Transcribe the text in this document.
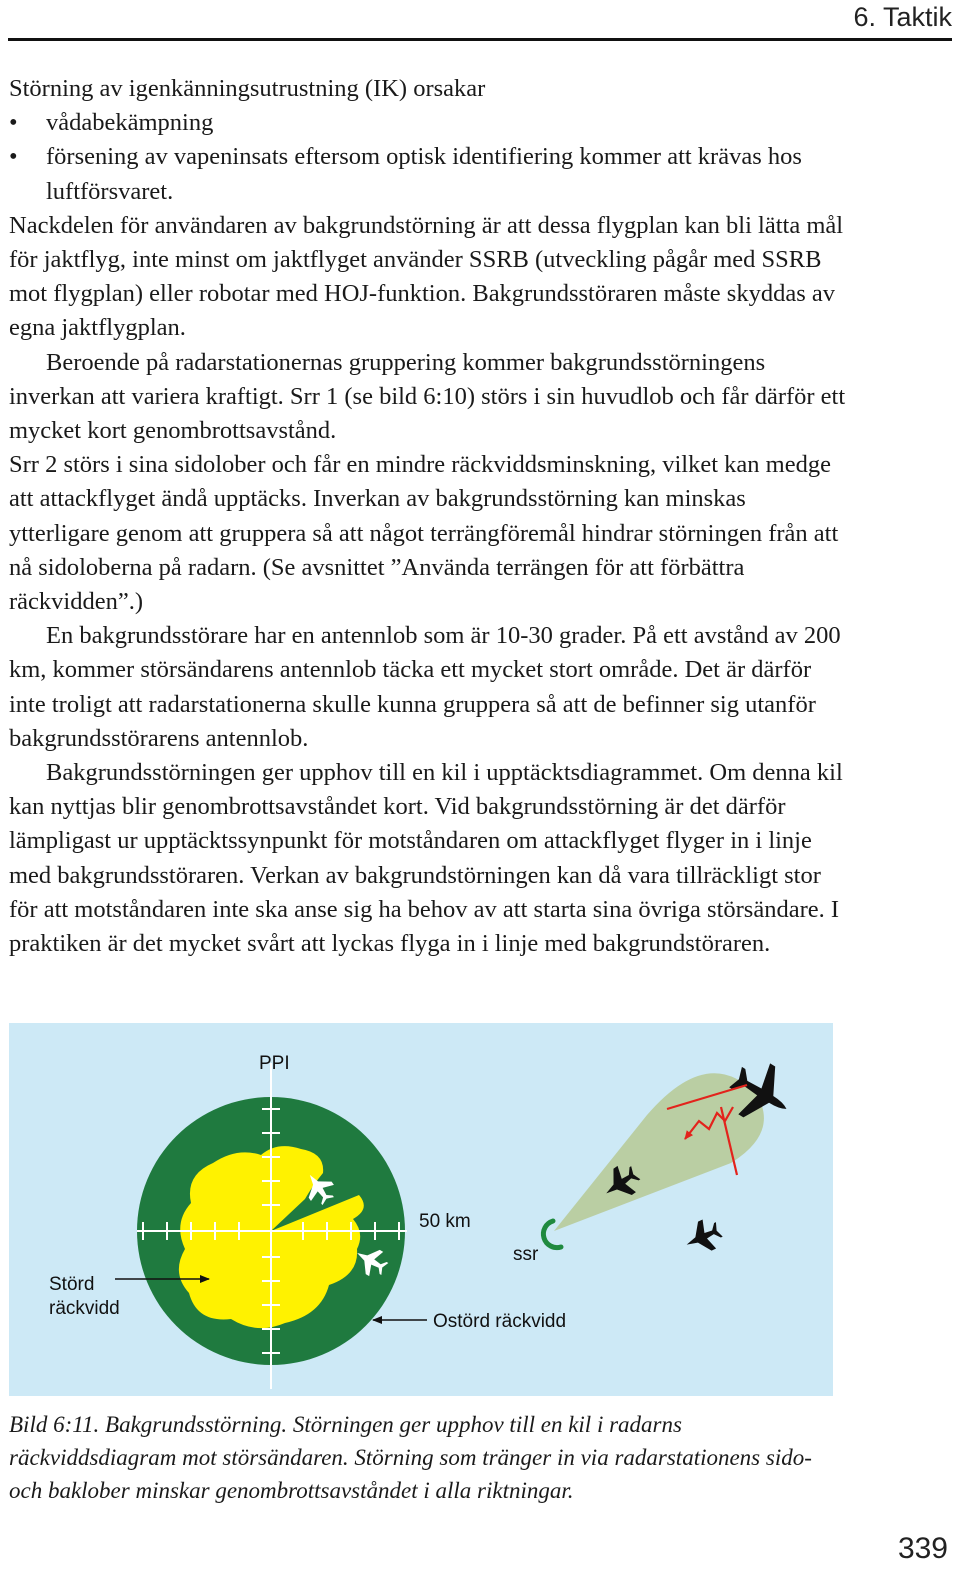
6. Taktik

Störning av igenkänningsutrustning (IK) orsakar

• vådabekämpning

• försening av vapeninsats eftersom optisk identifiering kommer att krävas hos luftförsvaret.

Nackdelen för användaren av bakgrundstörning är att dessa flygplan kan bli lätta mål för jaktflyg, inte minst om jaktflyget använder SSRB (utveckling pågår med SSRB mot flygplan) eller robotar med HOJ-funktion. Bakgrundsstöraren måste skyddas av egna jaktflygplan.

Beroende på radarstationernas gruppering kommer bakgrundsstörningens inverkan att variera kraftigt. Srr 1 (se bild 6:10) störs i sin huvudlob och får därför ett mycket kort genombrottsavstånd.

Srr 2 störs i sina sidolober och får en mindre räckviddsminskning, vilket kan medge att attackflyget ändå upptäcks. Inverkan av bakgrundsstörning kan minskas ytterligare genom att gruppera så att något terrängföremål hindrar störningen från att nå sidoloberna på radarn. (Se avsnittet ”Använda terrängen för att förbättra räckvidden”.)

En bakgrundsstörare har en antennlob som är 10-30 grader. På ett avstånd av 200 km, kommer störsändarens antennlob täcka ett mycket stort område. Det är därför inte troligt att radarstationerna skulle kunna gruppera så att de befinner sig utanför bakgrundsstörarens antennlob.

Bakgrundsstörningen ger upphov till en kil i upptäcktsdiagrammet. Om denna kil kan nyttjas blir genombrottsavståndet kort. Vid bakgrundsstörning är det därför lämpligast ur upptäcktssynpunkt för motståndaren om attackflyget flyger in i linje med bakgrundsstöraren. Verkan av bakgrundstörningen kan då vara tillräckligt stor för att motståndaren inte ska anse sig ha behov av att starta sina övriga störsändare. I praktiken är det mycket svårt att lyckas flyga in i linje med bakgrundstöraren.

PPI
50 km
ssr
Störd
räckvidd
Ostörd räckvidd
Bild 6:11. Bakgrundsstörning. Störningen ger upphov till en kil i radarns räckviddsdiagram mot störsändaren. Störning som tränger in via radarstationens sido- och baklober minskar genombrottsavståndet i alla riktningar.
339
